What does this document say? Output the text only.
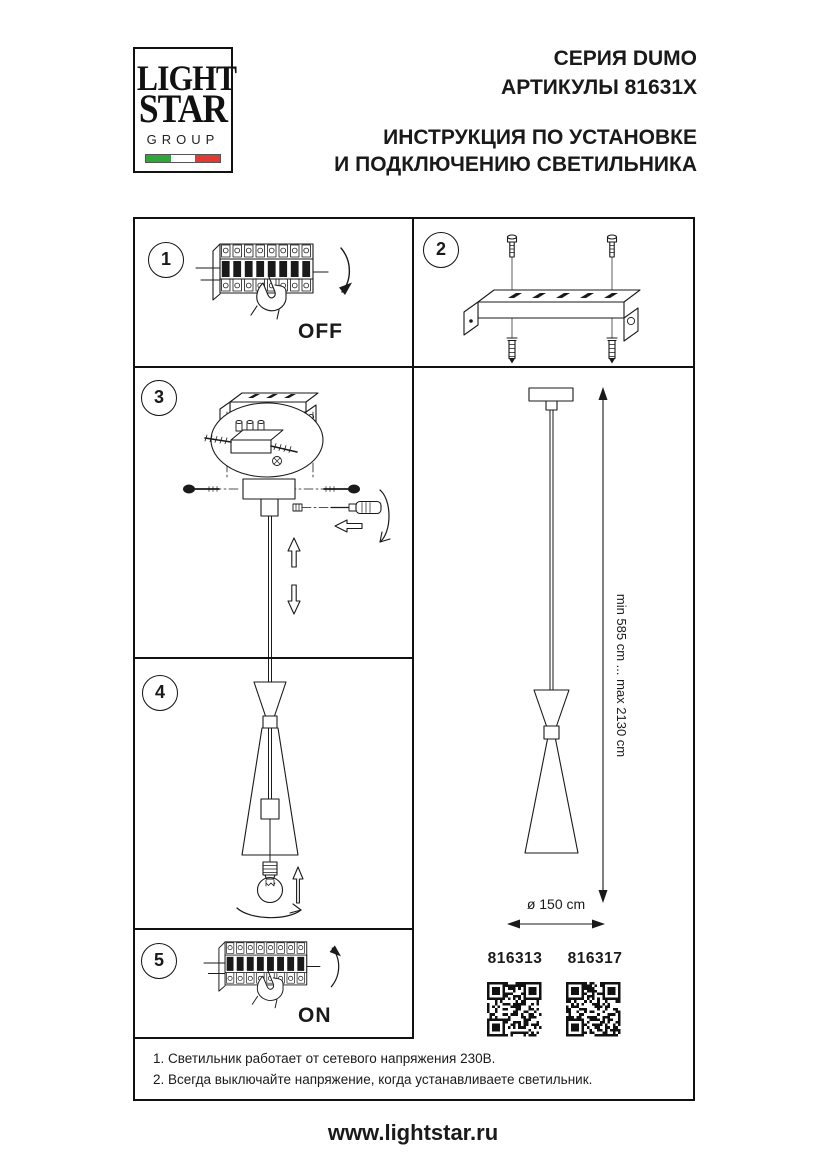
LIGHT
STAR
GROUP
СЕРИЯ DUMO
АРТИКУЛЫ 81631X
ИНСТРУКЦИЯ ПО УСТАНОВКЕ
И ПОДКЛЮЧЕНИЮ СВЕТИЛЬНИКА
1
OFF
2
3
4
5
ON
min 585 cm ... max 2130 cm
ø 150 cm
816313	816317
1. Светильник работает от сетевого напряжения 230В.
2. Всегда выключайте напряжение, когда устанавливаете светильник.
www.lightstar.ru
